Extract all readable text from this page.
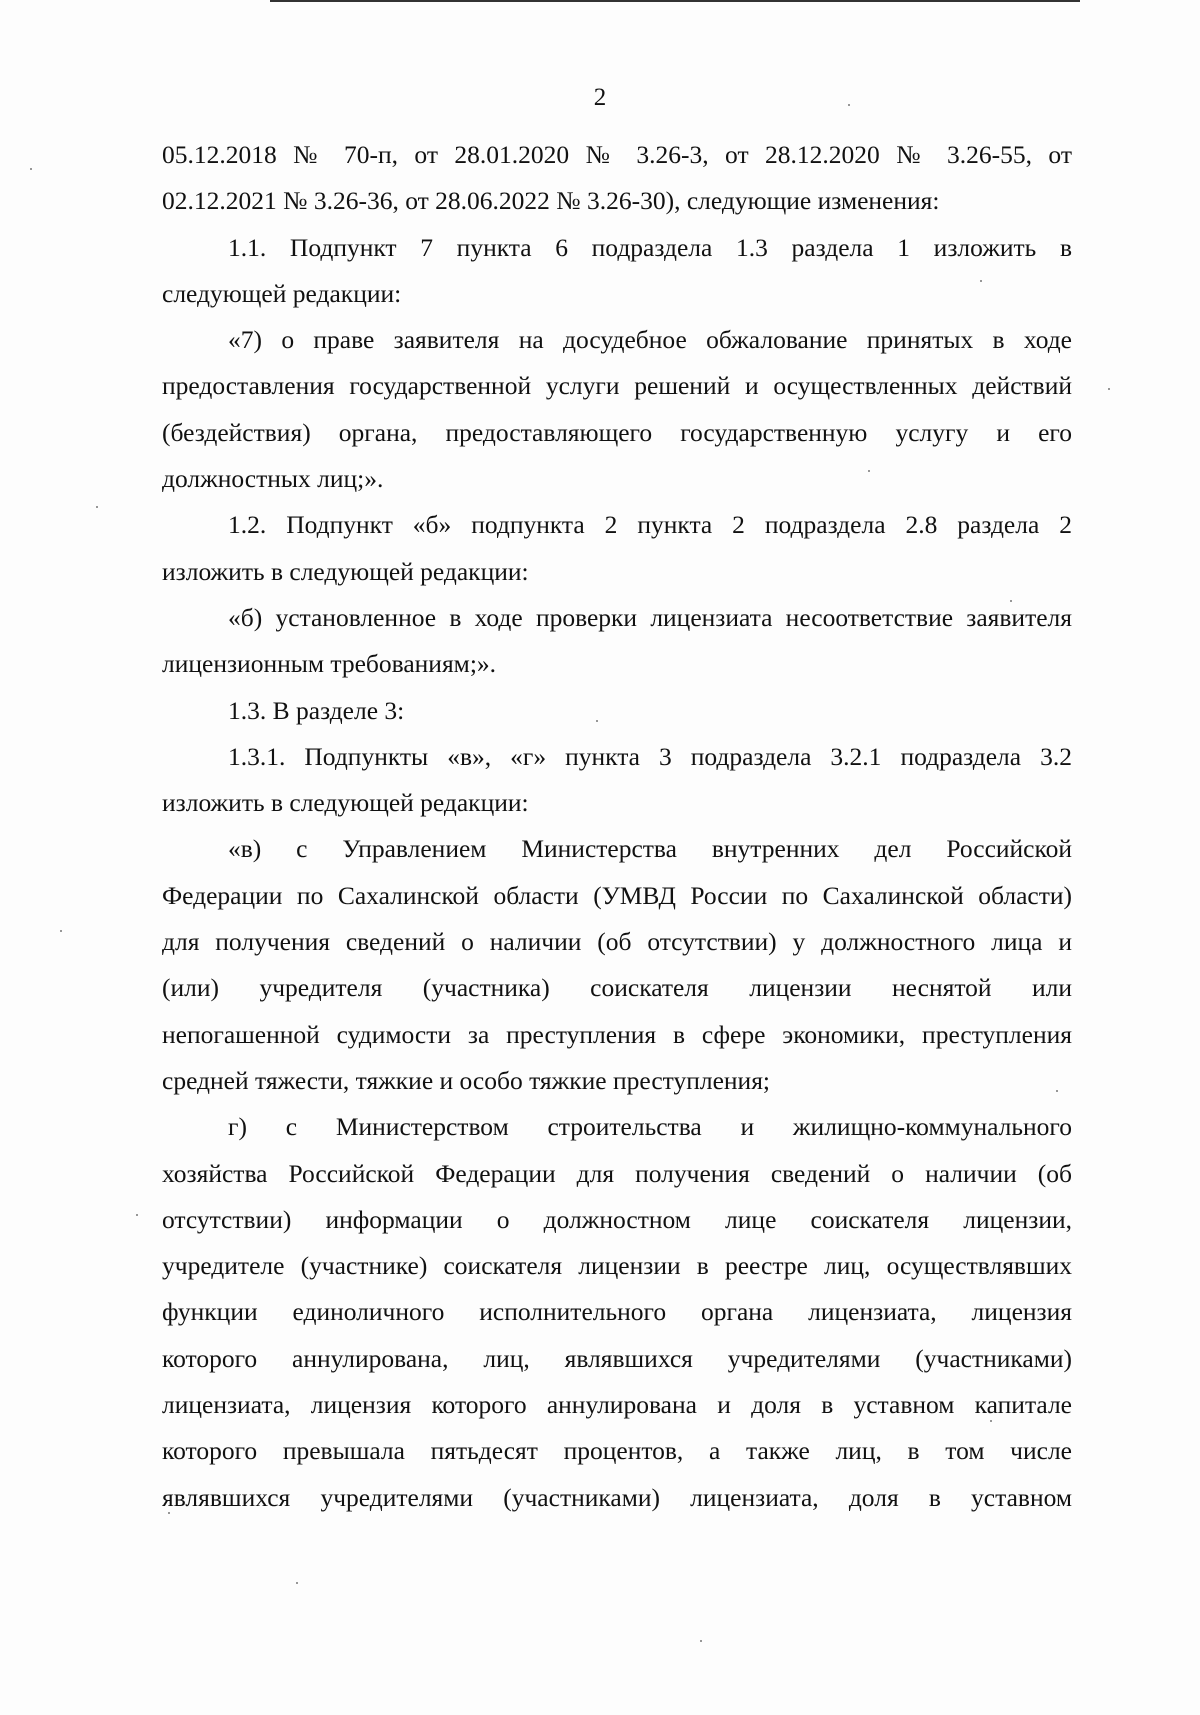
2
05.12.2018 № 70-п, от 28.01.2020 № 3.26-3, от 28.12.2020 № 3.26-55, от
02.12.2021 № 3.26-36, от 28.06.2022 № 3.26-30), следующие изменения:
1.1. Подпункт 7 пункта 6 подраздела 1.3 раздела 1 изложить в
следующей редакции:
«7) о праве заявителя на досудебное обжалование принятых в ходе
предоставления государственной услуги решений и осуществленных действий
(бездействия) органа, предоставляющего государственную услугу и его
должностных лиц;».
1.2. Подпункт «б» подпункта 2 пункта 2 подраздела 2.8 раздела 2
изложить в следующей редакции:
«б) установленное в ходе проверки лицензиата несоответствие заявителя
лицензионным требованиям;».
1.3. В разделе 3:
1.3.1. Подпункты «в», «г» пункта 3 подраздела 3.2.1 подраздела 3.2
изложить в следующей редакции:
«в) с Управлением Министерства внутренних дел Российской
Федерации по Сахалинской области (УМВД России по Сахалинской области)
для получения сведений о наличии (об отсутствии) у должностного лица и
(или) учредителя (участника) соискателя лицензии неснятой или
непогашенной судимости за преступления в сфере экономики, преступления
средней тяжести, тяжкие и особо тяжкие преступления;
г) с Министерством строительства и жилищно-коммунального
хозяйства Российской Федерации для получения сведений о наличии (об
отсутствии) информации о должностном лице соискателя лицензии,
учредителе (участнике) соискателя лицензии в реестре лиц, осуществлявших
функции единоличного исполнительного органа лицензиата, лицензия
которого аннулирована, лиц, являвшихся учредителями (участниками)
лицензиата, лицензия которого аннулирована и доля в уставном капитале
которого превышала пятьдесят процентов, а также лиц, в том числе
являвшихся учредителями (участниками) лицензиата, доля в уставном
